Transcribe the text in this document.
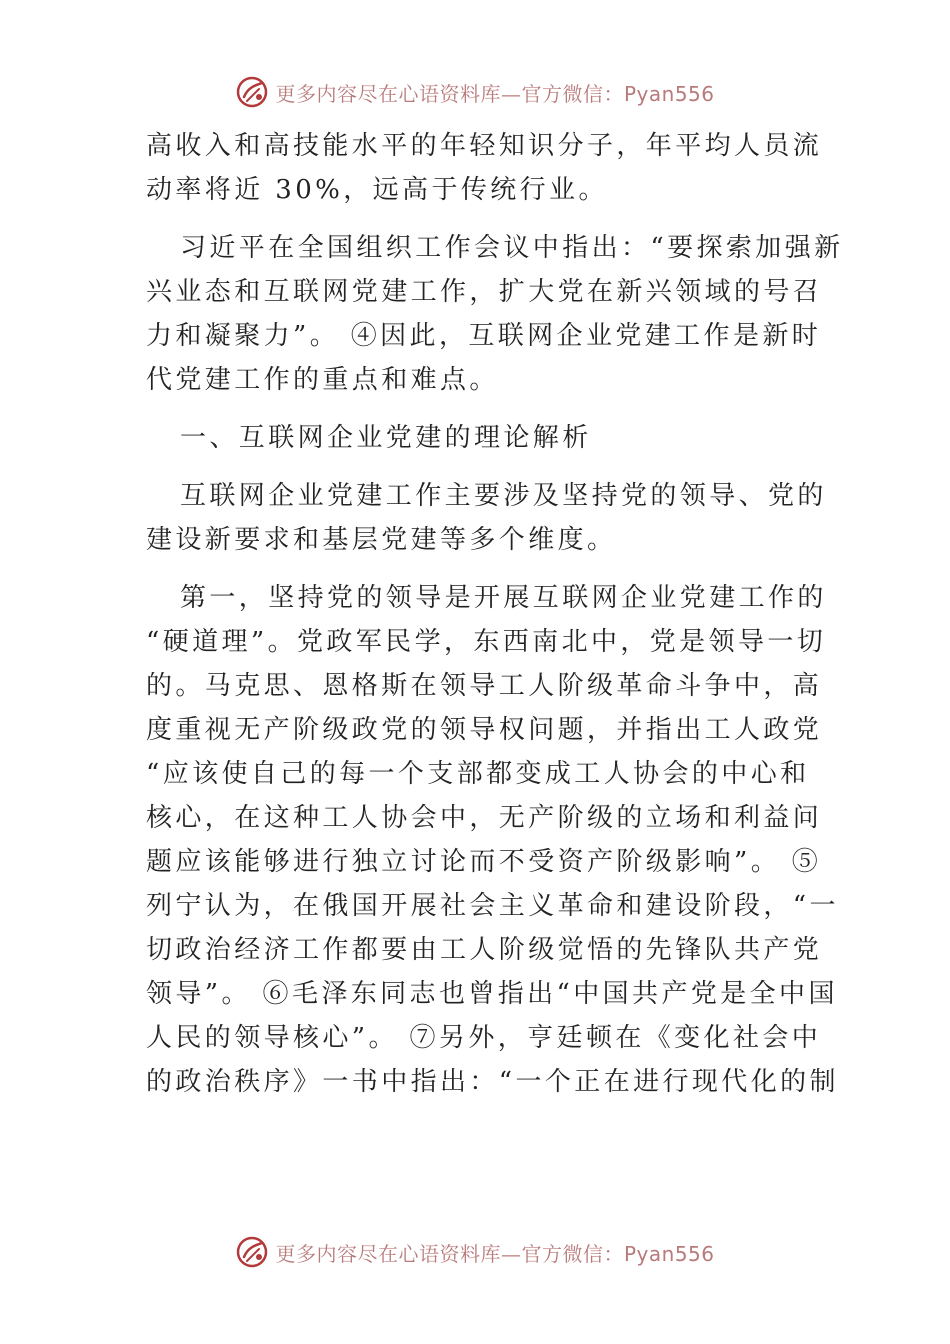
更多内容尽在心语资料库—官方微信：Pyan556
高收入和高技能水平的年轻知识分子，年平均人员流
动率将近 30%，远高于传统行业。
习近平在全国组织工作会议中指出：“要探索加强新
兴业态和互联网党建工作，扩大党在新兴领域的号召
力和凝聚力”。 ④因此，互联网企业党建工作是新时
代党建工作的重点和难点。
一、互联网企业党建的理论解析
互联网企业党建工作主要涉及坚持党的领导、党的
建设新要求和基层党建等多个维度。
第一，坚持党的领导是开展互联网企业党建工作的
“硬道理”。党政军民学，东西南北中，党是领导一切
的。马克思、恩格斯在领导工人阶级革命斗争中，高
度重视无产阶级政党的领导权问题，并指出工人政党
“应该使自己的每一个支部都变成工人协会的中心和
核心，在这种工人协会中，无产阶级的立场和利益问
题应该能够进行独立讨论而不受资产阶级影响”。 ⑤
列宁认为，在俄国开展社会主义革命和建设阶段，“一
切政治经济工作都要由工人阶级觉悟的先锋队共产党
领导”。 ⑥毛泽东同志也曾指出“中国共产党是全中国
人民的领导核心”。 ⑦另外，亨廷顿在《变化社会中
的政治秩序》一书中指出：“一个正在进行现代化的制
更多内容尽在心语资料库—官方微信：Pyan556
